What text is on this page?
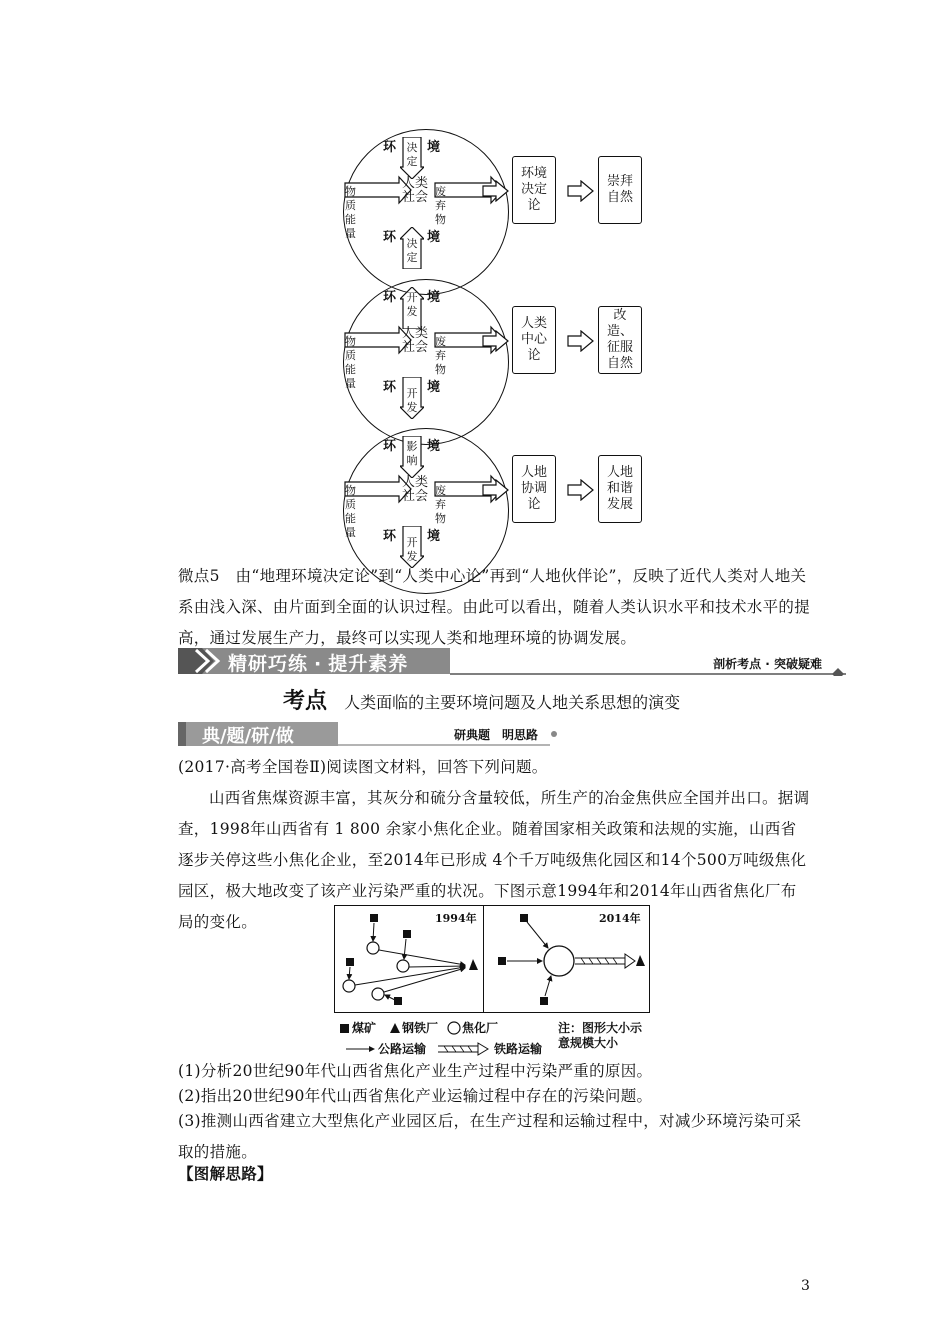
环 境
环 境
决定
决定
人类社会
物质能量
废弃物
环境决定论
崇拜自然
环 境
环 境
开发
开发
人类社会
物质能量
废弃物
人类中心论
改造、征服自然
环 境
环 境
影响
开发
人类社会
物质能量
废弃物
人地协调论
人地和谐发展
微点5　由“地理环境决定论”到“人类中心论”再到“人地伙伴论”，反映了近代人类对人地关系由浅入深、由片面到全面的认识过程。由此可以看出，随着人类认识水平和技术水平的提高，通过发展生产力，最终可以实现人类和地理环境的协调发展。
精研巧练 · 提升素养	剖析考点 · 突破疑难
考点 人类面临的主要环境问题及人地关系思想的演变
典/题/研/做	研典题　明思路
(2017·高考全国卷Ⅱ)阅读图文材料，回答下列问题。
山西省焦煤资源丰富，其灰分和硫分含量较低，所生产的冶金焦供应全国并出口。据调查，1998年山西省有 1 800 余家小焦化企业。随着国家相关政策和法规的实施，山西省逐步关停这些小焦化企业，至2014年已形成 4个千万吨级焦化园区和14个500万吨级焦化园区，极大地改变了该产业污染严重的状况。下图示意1994年和2014年山西省焦化厂布局的变化。	1994年	2014年
煤矿 钢铁厂 焦化厂
公路运输	铁路运输
注：图形大小示
意规模大小
(1)分析20世纪90年代山西省焦化产业生产过程中污染严重的原因。
(2)指出20世纪90年代山西省焦化产业运输过程中存在的污染问题。
(3)推测山西省建立大型焦化产业园区后，在生产过程和运输过程中，对减少环境污染可采取的措施。
【图解思路】
3
